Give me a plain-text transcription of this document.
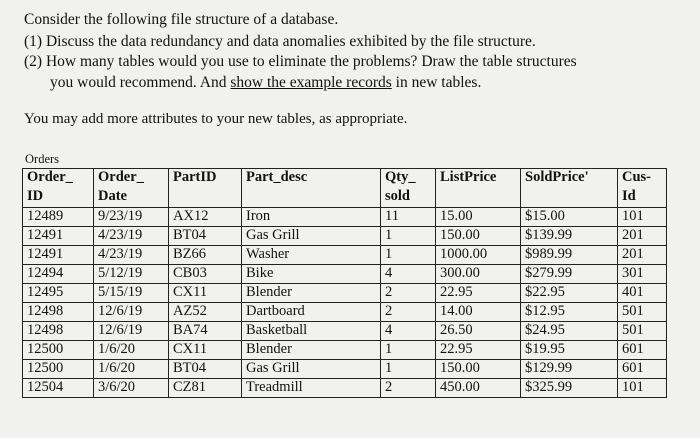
Consider the following file structure of a database.
(1) Discuss the data redundancy and data anomalies exhibited by the file structure.
(2) How many tables would you use to eliminate the problems? Draw the table structures
you would recommend. And show the example records in new tables.
You may add more attributes to your new tables, as appropriate.
Orders
Order_	Order_	PartID	Part_desc	Qty_	ListPrice	SoldPrice'	Cus-
ID	Date			sold			Id
12489	9/23/19	AX12	Iron	11	15.00	$15.00	101
12491	4/23/19	BT04	Gas Grill	1	150.00	$139.99	201
12491	4/23/19	BZ66	Washer	1	1000.00	$989.99	201
12494	5/12/19	CB03	Bike	4	300.00	$279.99	301
12495	5/15/19	CX11	Blender	2	22.95	$22.95	401
12498	12/6/19	AZ52	Dartboard	2	14.00	$12.95	501
12498	12/6/19	BA74	Basketball	4	26.50	$24.95	501
12500	1/6/20	CX11	Blender	1	22.95	$19.95	601
12500	1/6/20	BT04	Gas Grill	1	150.00	$129.99	601
12504	3/6/20	CZ81	Treadmill	2	450.00	$325.99	101
